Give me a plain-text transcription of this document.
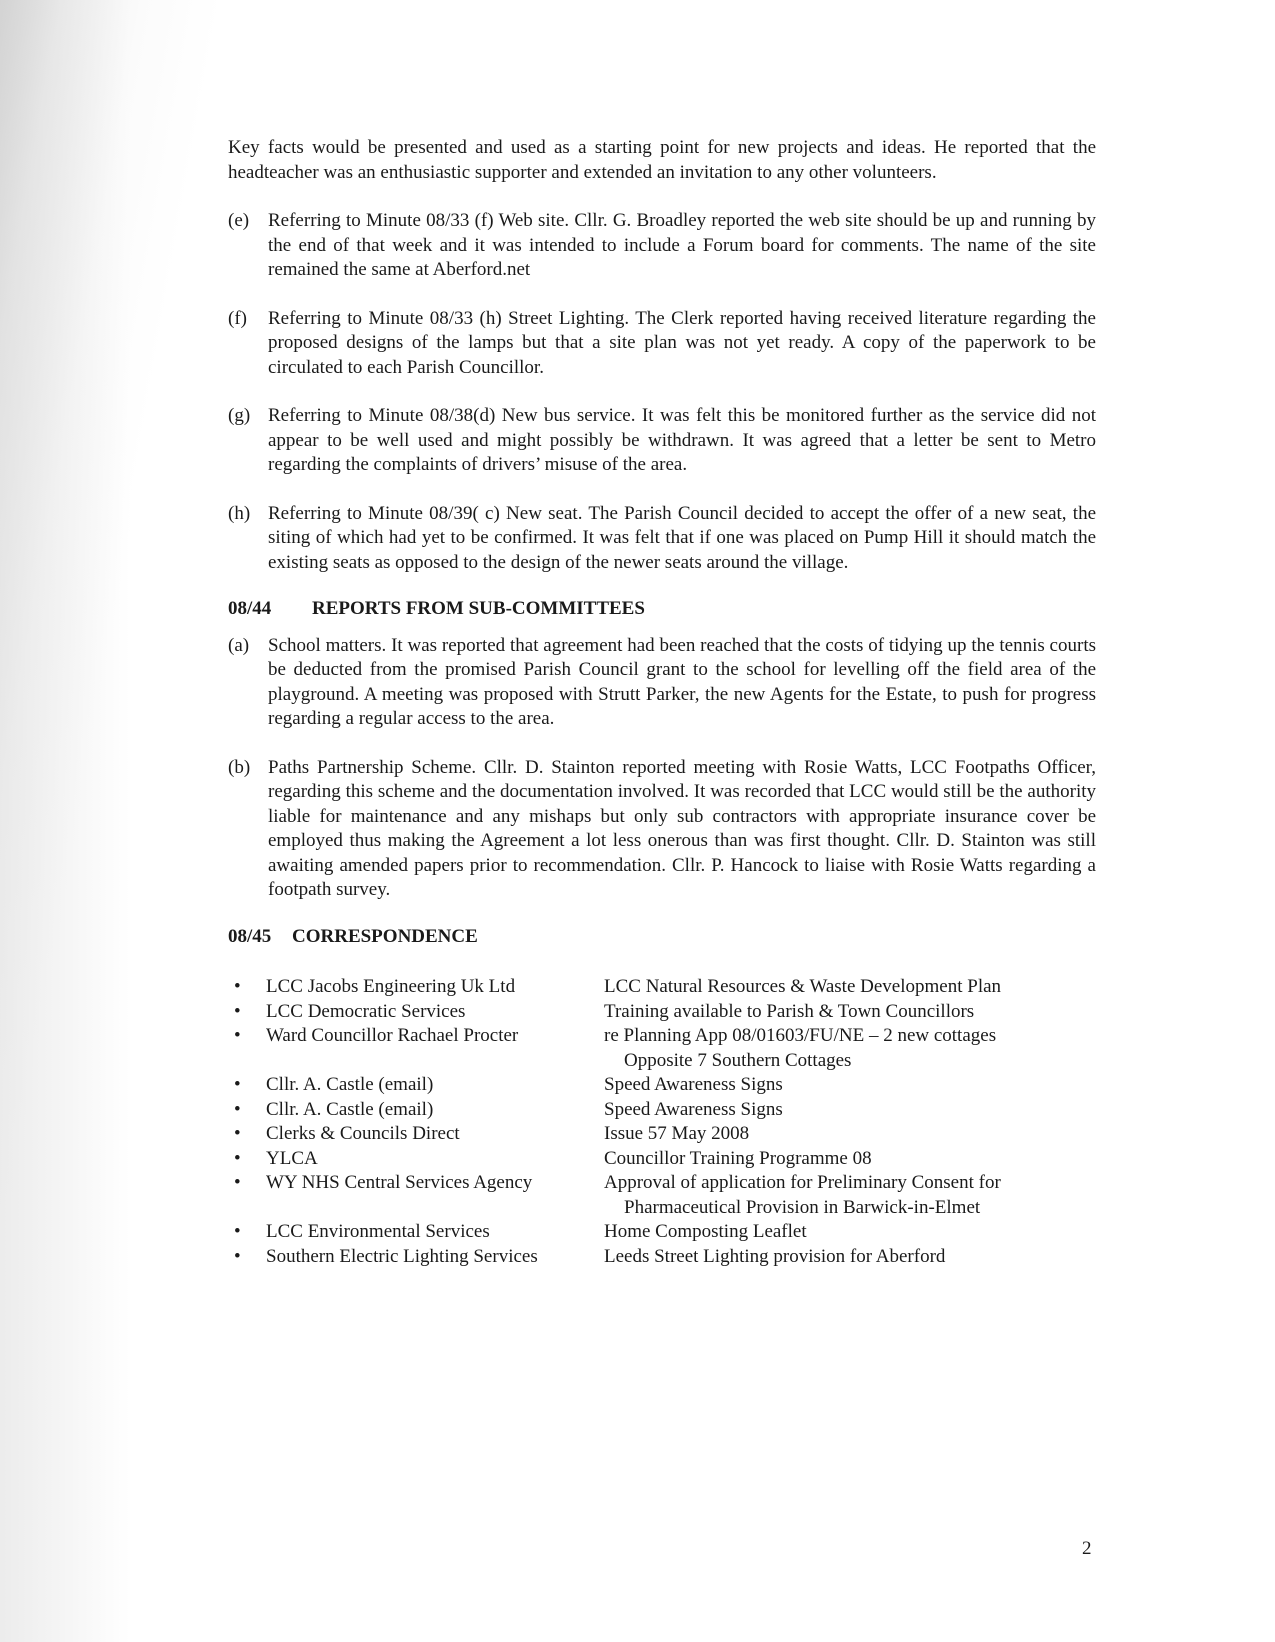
Key facts would be presented and used as a starting point for new projects and ideas. He reported that the headteacher was an enthusiastic supporter and extended an invitation to any other volunteers.

(e) Referring to Minute 08/33 (f) Web site. Cllr. G. Broadley reported the web site should be up and running by the end of that week and it was intended to include a Forum board for comments. The name of the site remained the same at Aberford.net
(f)	Referring to Minute 08/33 (h) Street Lighting. The Clerk reported having received literature regarding the proposed designs of the lamps but that a site plan was not yet ready. A copy of the paperwork to be circulated to each Parish Councillor.
(g) Referring to Minute 08/38(d) New bus service. It was felt this be monitored further as the service did not appear to be well used and might possibly be withdrawn. It was agreed that a letter be sent to Metro regarding the complaints of drivers’ misuse of the area.
(h) Referring to Minute 08/39( c) New seat. The Parish Council decided to accept the offer of a new seat, the siting of which had yet to be confirmed. It was felt that if one was placed on Pump Hill it should match the existing seats as opposed to the design of the newer seats around the village.
08/44 REPORTS FROM SUB-COMMITTEES
(a) School matters. It was reported that agreement had been reached that the costs of tidying up the tennis courts be deducted from the promised Parish Council grant to the school for levelling off the field area of the playground. A meeting was proposed with Strutt Parker, the new Agents for the Estate, to push for progress regarding a regular access to the area.
(b) Paths Partnership Scheme. Cllr. D. Stainton reported meeting with Rosie Watts, LCC Footpaths Officer, regarding this scheme and the documentation involved. It was recorded that LCC would still be the authority liable for maintenance and any mishaps but only sub contractors with appropriate insurance cover be employed thus making the Agreement a lot less onerous than was first thought. Cllr. D. Stainton was still awaiting amended papers prior to recommendation. Cllr. P. Hancock to liaise with Rosie Watts regarding a footpath survey.
08/45 CORRESPONDENCE
•	LCC Jacobs Engineering Uk Ltd	LCC Natural Resources & Waste Development Plan
•	LCC Democratic Services	Training available to Parish & Town Councillors
•	Ward Councillor Rachael Procter	re Planning App 08/01603/FU/NE – 2 new cottages
Opposite 7 Southern Cottages
•	Cllr. A. Castle (email)	Speed Awareness Signs
•	Cllr. A. Castle (email)	Speed Awareness Signs
•	Clerks & Councils Direct	Issue 57 May 2008
•	YLCA	Councillor Training Programme 08
•	WY NHS Central Services Agency	Approval of application for Preliminary Consent for
Pharmaceutical Provision in Barwick-in-Elmet
•	LCC Environmental Services	Home Composting Leaflet
•	Southern Electric Lighting Services	Leeds Street Lighting provision for Aberford
2
